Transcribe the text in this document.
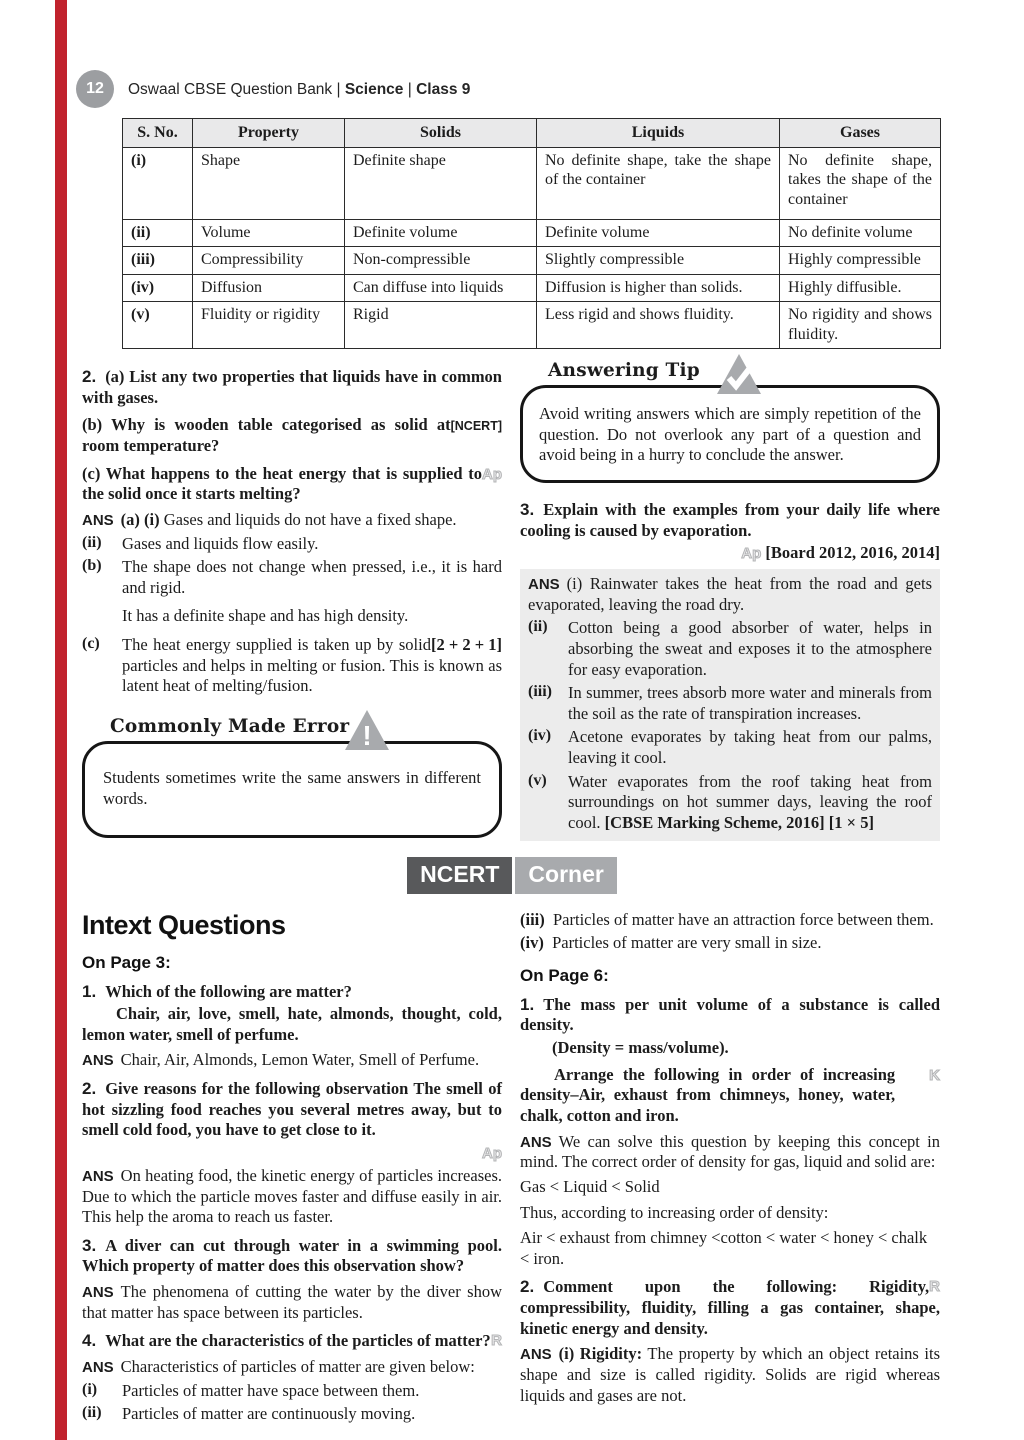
12	Oswaal CBSE Question Bank | Science | Class 9
S. No.	Property	Solids	Liquids	Gases
(i)	Shape	Definite shape	No definite shape, take the shape of the container	No definite shape, takes the shape of the container
(ii)	Volume	Definite volume	Definite volume	No definite volume
(iii)	Compressibility	Non-compressible	Slightly compressible	Highly compressible
(iv)	Diffusion	Can diffuse into liquids	Diffusion is higher than solids.	Highly diffusible.
(v)	Fluidity or rigidity	Rigid	Less rigid and shows fluidity.	No rigidity and shows fluidity.

2. (a) List any two properties that liquids have in common with gases.

[NCERT]
(b) Why is wooden table categorised as solid at room temperature?

Ap
(c) What happens to the heat energy that is supplied to the solid once it starts melting?

ANS (a) (i) Gases and liquids do not have a fixed shape.

(ii) Gases and liquids flow easily.

(b) The shape does not change when pressed, i.e., it is hard and rigid.

It has a definite shape and has high density.

(c)	[2 + 2 + 1]
The heat energy supplied is taken up by solid particles and helps in melting or fusion. This is known as latent heat of melting/fusion.

Commonly Made Error !

Students sometimes write the same answers in different words.

Answering Tip

Avoid writing answers which are simply repetition of the question. Do not overlook any part of a question and avoid being in a hurry to conclude the answer.

3. Explain with the examples from your daily life where cooling is caused by evaporation.

Ap [Board 2012, 2016, 2014]

ANS (i) Rainwater takes the heat from the road and gets evaporated, leaving the road dry.

(ii) Cotton being a good absorber of water, helps in absorbing the sweat and exposes it to the atmosphere for easy evaporation.

(iii) In summer, trees absorb more water and minerals from the soil as the rate of transpiration increases.

(iv) Acetone evaporates by taking heat from our palms, leaving it cool.

(v) Water evaporates from the roof taking heat from surroundings on hot summer days, leaving the roof cool. [CBSE Marking Scheme, 2016] [1 × 5]

NCERT	Corner
Intext Questions
On Page 3:

1. Which of the following are matter?

Chair, air, love, smell, hate, almonds, thought, cold, lemon water, smell of perfume.

ANS Chair, Air, Almonds, Lemon Water, Smell of Perfume.

2. Give reasons for the following observation The smell of hot sizzling food reaches you several metres away, but to smell cold food, you have to get close to it.

Ap

ANS On heating food, the kinetic energy of particles increases. Due to which the particle moves faster and diffuse easily in air. This help the aroma to reach us faster.

3. A diver can cut through water in a swimming pool. Which property of matter does this observation show?

ANS The phenomena of cutting the water by the diver show that matter has space between its particles.

R
4. What are the characteristics of the particles of matter?

ANS Characteristics of particles of matter are given below:

(i) Particles of matter have space between them.

(ii) Particles of matter are continuously moving.

(iii) Particles of matter have an attraction force between them.

(iv) Particles of matter are very small in size.

On Page 6:

1. The mass per unit volume of a substance is called density.

(Density = mass/volume).

K
Arrange the following in order of increasing density–Air, exhaust from chimneys, honey, water, chalk, cotton and iron.

ANS We can solve this question by keeping this concept in mind. The correct order of density for gas, liquid and solid are:

Gas < Liquid < Solid

Thus, according to increasing order of density:

Air < exhaust from chimney <cotton < water < honey < chalk < iron.

R
2. Comment upon the following: Rigidity, compressibility, fluidity, filling a gas container, shape, kinetic energy and density.

ANS (i) Rigidity: The property by which an object retains its shape and size is called rigidity. Solids are rigid whereas liquids and gases are not.
